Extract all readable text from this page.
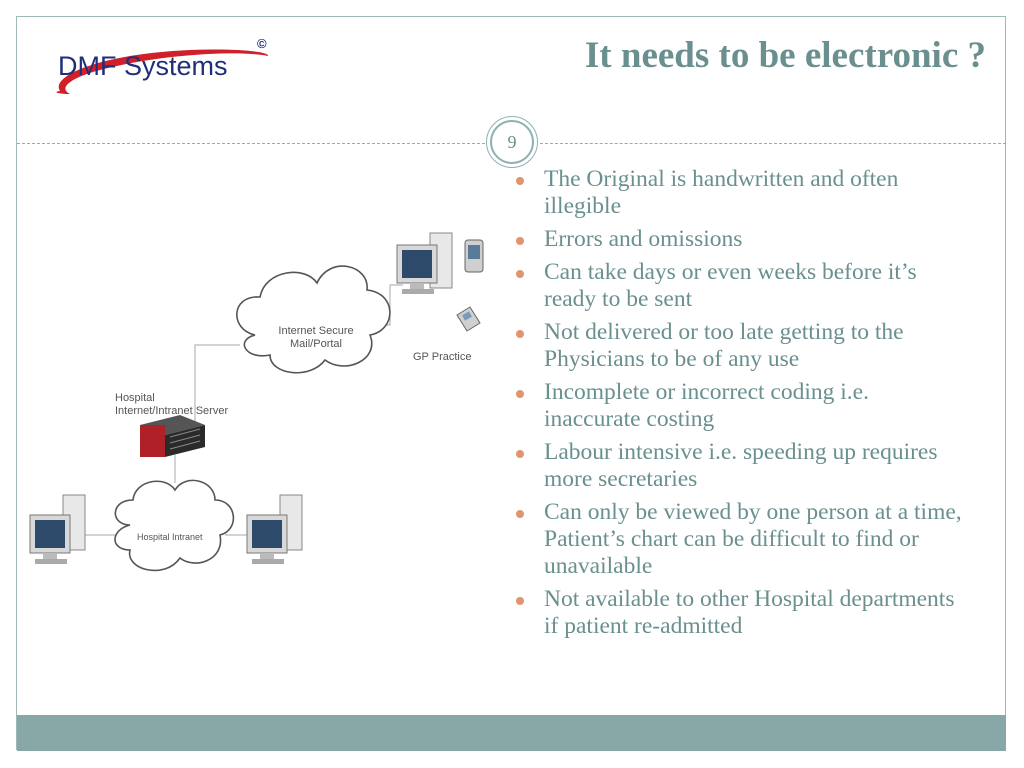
DMF Systems
©	It needs to be electronic ?
9
The Original is handwritten and often illegible
Errors and omissions
Can take days or even weeks before it’s ready to be sent
Not delivered or too late getting to the Physicians to be of any use
Incomplete or incorrect coding i.e. inaccurate costing
Labour intensive i.e. speeding up requires more secretaries
Can only be viewed by one person at a time, Patient’s chart can be difficult to find or unavailable
Not available to other Hospital departments if patient re-admitted
Internet Secure Mail/Portal
GP Practice
Hospital Internet/Intranet Server
Hospital Intranet
